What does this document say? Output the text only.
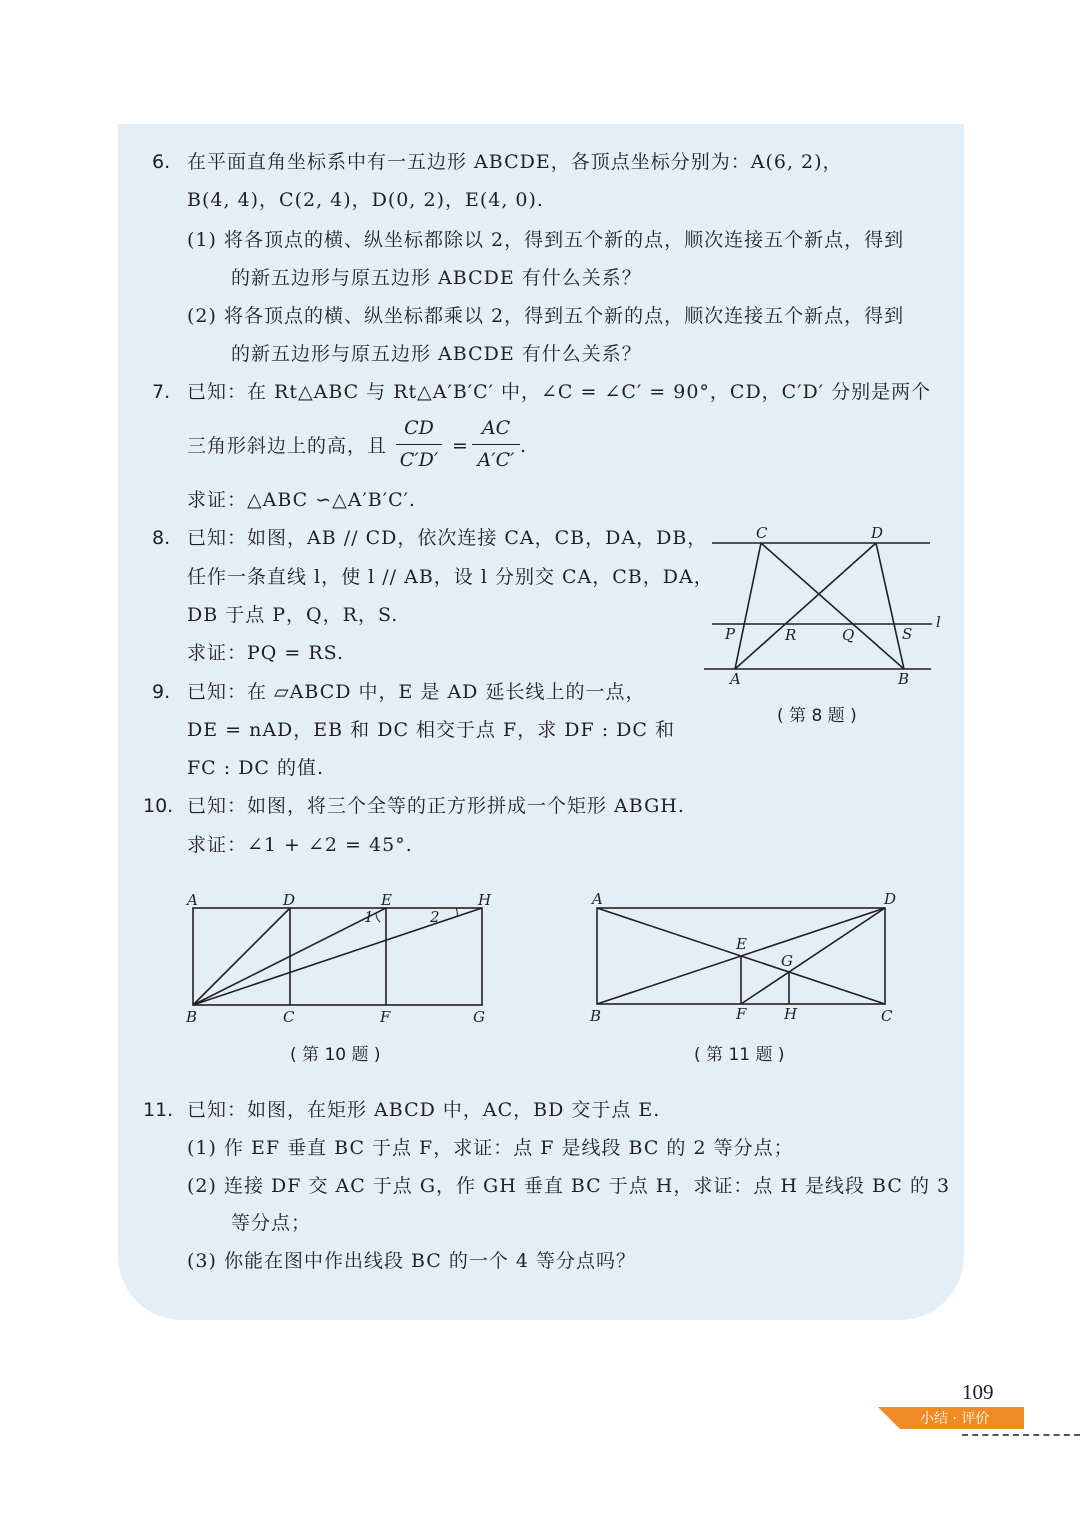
6. 在平面直角坐标系中有一五边形 ABCDE，各顶点坐标分别为：A(6, 2)，
B(4, 4)，C(2, 4)，D(0, 2)，E(4, 0).
(1) 将各顶点的横、纵坐标都除以 2，得到五个新的点，顺次连接五个新点，得到
的新五边形与原五边形 ABCDE 有什么关系？
(2) 将各顶点的横、纵坐标都乘以 2，得到五个新的点，顺次连接五个新点，得到
的新五边形与原五边形 ABCDE 有什么关系？
7. 已知：在 Rt△ABC 与 Rt△A′B′C′ 中，∠C = ∠C′ = 90°，CD，C′D′ 分别是两个
三角形斜边上的高，且
CD
C′D′
=
AC
A′C′
.
求证：△ABC ∽△A′B′C′.
8. 已知：如图，AB // CD，依次连接 CA，CB，DA，DB，
任作一条直线 l，使 l // AB，设 l 分别交 CA，CB，DA，
DB 于点 P，Q，R，S.
求证：PQ = RS.
C	D
l
P	R	Q	S
A	B
( 第 8 题 )
9. 已知：在 ▱ABCD 中，E 是 AD 延长线上的一点，
DE = nAD，EB 和 DC 相交于点 F，求 DF : DC 和
FC : DC 的值.
10. 已知：如图，将三个全等的正方形拼成一个矩形 ABGH.
求证：∠1 + ∠2 = 45°.
A	D	E	H
1	2
B	C	F	G
( 第 10 题 )
A	D
E
G
B	F	H	C
( 第 11 题 )
11. 已知：如图，在矩形 ABCD 中，AC，BD 交于点 E.
(1) 作 EF 垂直 BC 于点 F，求证：点 F 是线段 BC 的 2 等分点；
(2) 连接 DF 交 AC 于点 G，作 GH 垂直 BC 于点 H，求证：点 H 是线段 BC 的 3
等分点；
(3) 你能在图中作出线段 BC 的一个 4 等分点吗？
109
小结 · 评价
